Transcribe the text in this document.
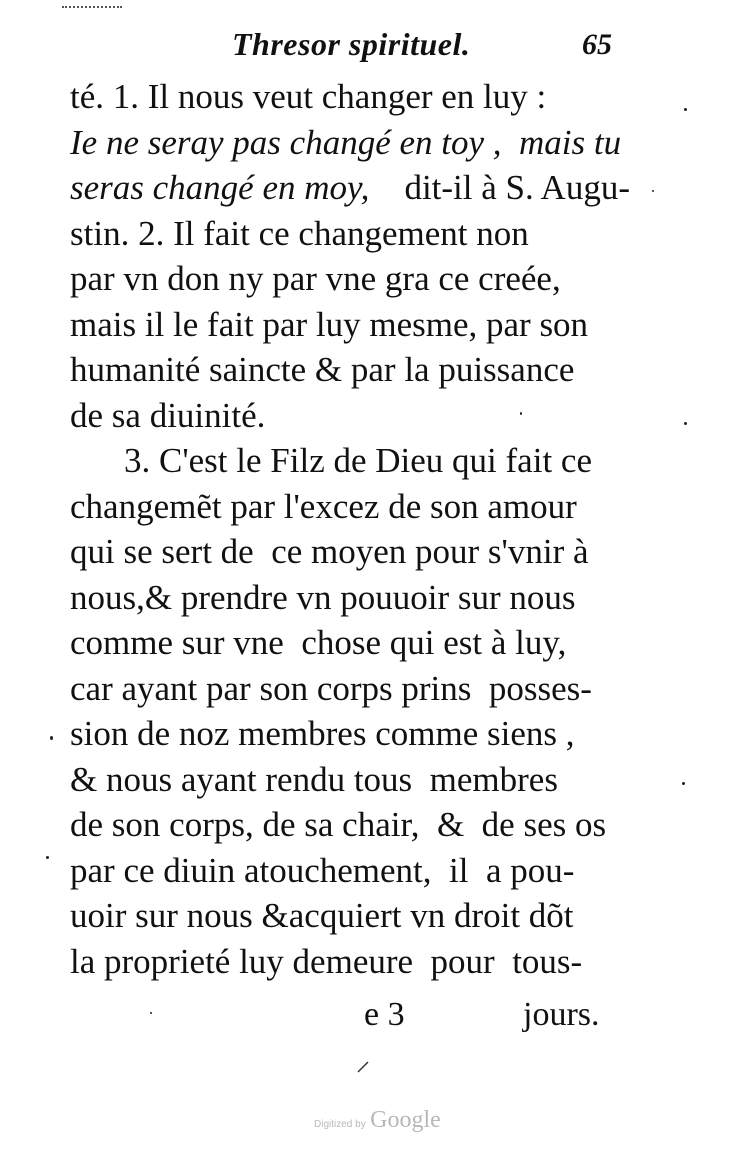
Thresor spirituel.	65
té. 1. Il nous veut changer en luy :
Ie ne seray pas changé en toy ,  mais tu
seras changé en moy, dit-il à S. Augu-
stin. 2. Il fait ce changement non
par vn don ny par vne gra ce creée,
mais il le fait par luy mesme, par son
humanité saincte & par la puissance
de sa diuinité.
3. C'est le Filz de Dieu qui fait ce
changemẽt par l'excez de son amour
qui se sert de  ce moyen pour s'vnir à
nous,& prendre vn pouuoir sur nous
comme sur vne  chose qui est à luy,
car ayant par son corps prins  posses-
sion de noz membres comme siens ,
& nous ayant rendu tous  membres
de son corps, de sa chair,  &  de ses os
par ce diuin atouchement,  il  a pou-
uoir sur nous &acquiert vn droit dõt
la proprieté luy demeure  pour  tous-
e 3	jours.
Digitized by Google
